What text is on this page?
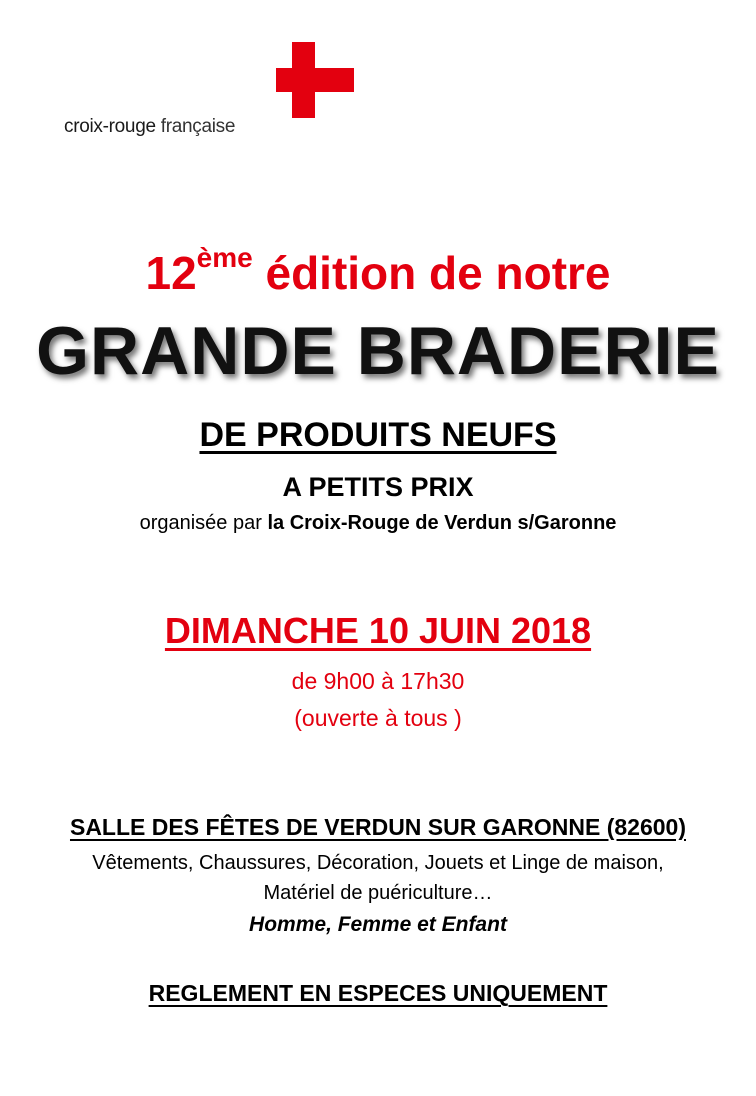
croix-rouge française
12ème édition de notre
GRANDE BRADERIE
DE PRODUITS NEUFS
A PETITS PRIX
organisée par la Croix-Rouge de Verdun s/Garonne
DIMANCHE 10 JUIN 2018
de 9h00 à 17h30
(ouverte à tous )
SALLE DES FÊTES DE VERDUN SUR GARONNE (82600)
Vêtements, Chaussures, Décoration, Jouets et Linge de maison,
Matériel de puériculture…
Homme, Femme et Enfant
REGLEMENT EN ESPECES UNIQUEMENT
